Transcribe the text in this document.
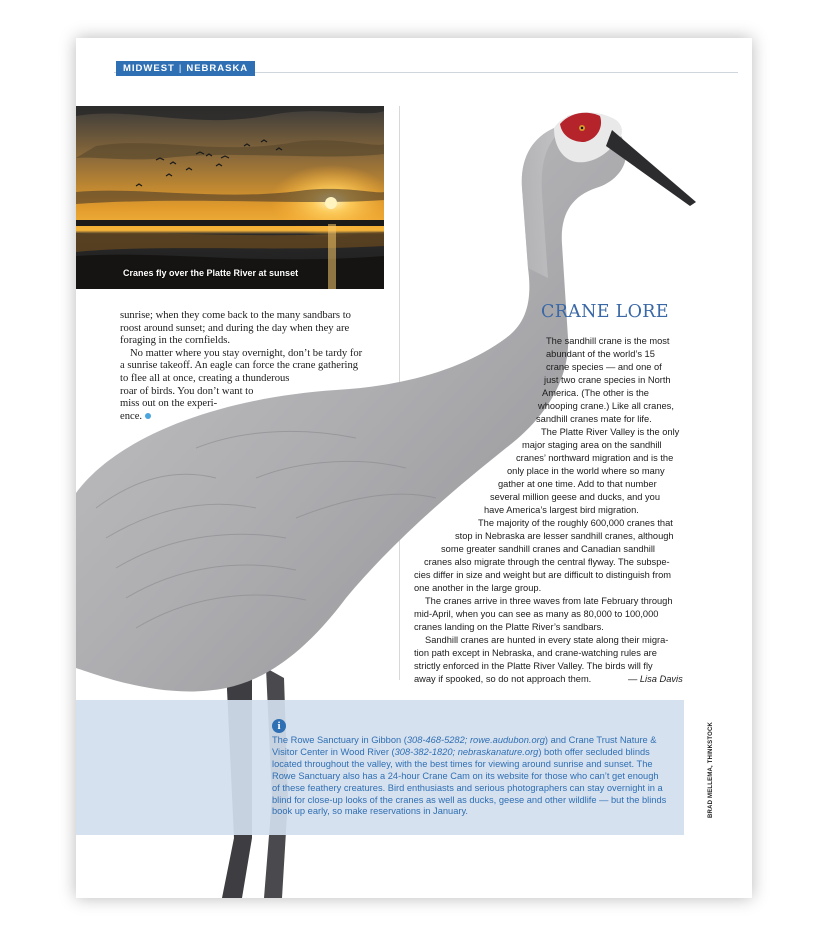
MIDWEST | NEBRASKA
Cranes fly over the Platte River at sunset

sunrise; when they come back to the many sandbars to

roost around sunset; and during the day when they are

foraging in the cornfields.

No matter where you stay overnight, don’t be tardy for

a sunrise takeoff. An eagle can force the crane gathering

to flee all at once, creating a thunderous

roar of birds. You don’t want to

miss out on the experi-

ence.

CRANE LORE
The sandhill crane is the most
abundant of the world’s 15
crane species — and one of
just two crane species in North
America. (The other is the
whooping crane.) Like all cranes,
sandhill cranes mate for life.
The Platte River Valley is the only
major staging area on the sandhill
cranes’ northward migration and is the
only place in the world where so many
gather at one time. Add to that number
several million geese and ducks, and you
have America’s largest bird migration.
The majority of the roughly 600,000 cranes that
stop in Nebraska are lesser sandhill cranes, although
some greater sandhill cranes and Canadian sandhill
cranes also migrate through the central flyway. The subspe-
cies differ in size and weight but are difficult to distinguish from
one another in the large group.
The cranes arrive in three waves from late February through
mid-April, when you can see as many as 80,000 to 100,000
cranes landing on the Platte River’s sandbars.
Sandhill cranes are hunted in every state along their migra-
tion path except in Nebraska, and crane-watching rules are
strictly enforced in the Platte River Valley. The birds will fly
away if spooked, so do not approach them.	— Lisa Davis
i
The Rowe Sanctuary in Gibbon (308-468-5282; rowe.audubon.org) and Crane Trust Nature & Visitor Center in Wood River (308-382-1820; nebraskanature.org) both offer secluded blinds located throughout the valley, with the best times for viewing around sunrise and sunset. The Rowe Sanctuary also has a 24-hour Crane Cam on its website for those who can’t get enough of these feathery creatures. Bird enthusiasts and serious photographers can stay overnight in a blind for close-up looks of the cranes as well as ducks, geese and other wildlife — but the blinds book up early, so make reservations in January.	BRAD MELLEMA, THINKSTOCK
